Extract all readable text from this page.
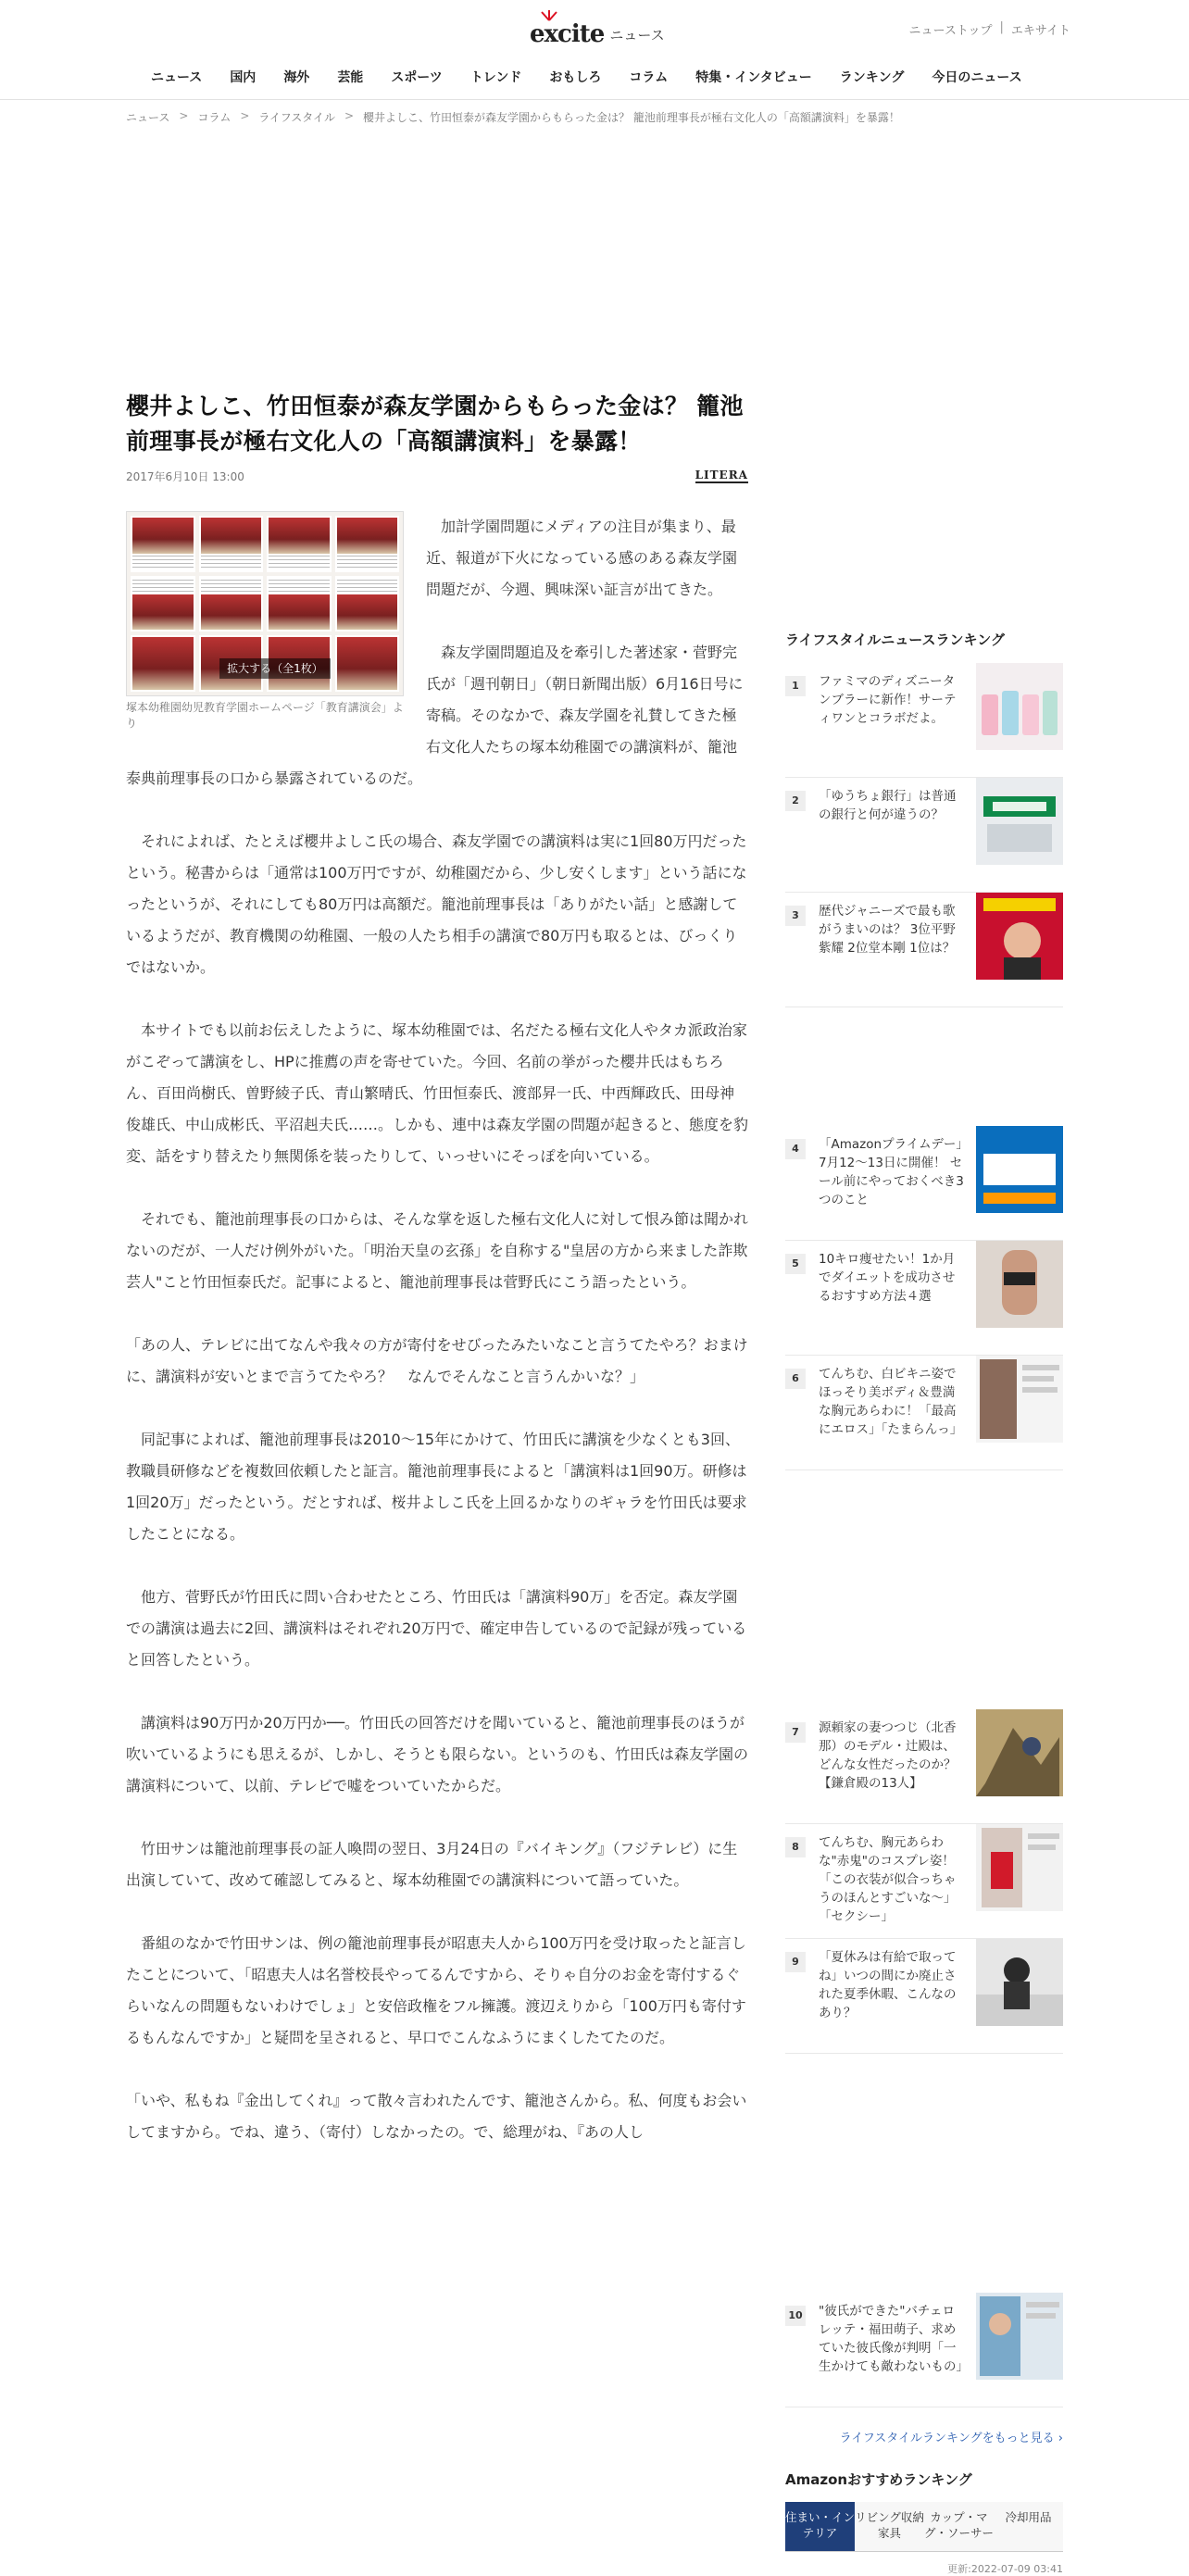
excite ニュース	ニューストップ | エキサイト
ニュース	国内	海外	芸能	スポーツ	トレンド	おもしろ	コラム	特集・インタビュー	ランキング	今日のニュース
ニュース > コラム > ライフスタイル > 櫻井よしこ、竹田恒泰が森友学園からもらった金は？ 籠池前理事長が極右文化人の「高額講演料」を暴露！
櫻井よしこ、竹田恒泰が森友学園からもらった金は？ 籠池前理事長が極右文化人の「高額講演料」を暴露！
2017年6月10日 13:00	LITERA
拡大する（全1枚）
塚本幼稚園幼児教育学園ホームページ「教育講演会」より

加計学園問題にメディアの注目が集まり、最近、報道が下火になっている感のある森友学園問題だが、今週、興味深い証言が出てきた。

森友学園問題追及を牽引した著述家・菅野完氏が「週刊朝日」（朝日新聞出版）6月16日号に寄稿。そのなかで、森友学園を礼賛してきた極右文化人たちの塚本幼稚園での講演料が、籠池泰典前理事長の口から暴露されているのだ。

それによれば、たとえば櫻井よしこ氏の場合、森友学園での講演料は実に1回80万円だったという。秘書からは「通常は100万円ですが、幼稚園だから、少し安くします」という話になったというが、それにしても80万円は高額だ。籠池前理事長は「ありがたい話」と感謝しているようだが、教育機関の幼稚園、一般の人たち相手の講演で80万円も取るとは、びっくりではないか。

本サイトでも以前お伝えしたように、塚本幼稚園では、名だたる極右文化人やタカ派政治家がこぞって講演をし、HPに推薦の声を寄せていた。今回、名前の挙がった櫻井氏はもちろん、百田尚樹氏、曽野綾子氏、青山繁晴氏、竹田恒泰氏、渡部昇一氏、中西輝政氏、田母神俊雄氏、中山成彬氏、平沼赳夫氏……。しかも、連中は森友学園の問題が起きると、態度を豹変、話をすり替えたり無関係を装ったりして、いっせいにそっぽを向いている。

それでも、籠池前理事長の口からは、そんな掌を返した極右文化人に対して恨み節は聞かれないのだが、一人だけ例外がいた。「明治天皇の玄孫」を自称する"皇居の方から来ました詐欺芸人"こと竹田恒泰氏だ。記事によると、籠池前理事長は菅野氏にこう語ったという。

「あの人、テレビに出てなんや我々の方が寄付をせびったみたいなこと言うてたやろ？おまけに、講演料が安いとまで言うてたやろ？　なんでそんなこと言うんかいな？」

同記事によれば、籠池前理事長は2010～15年にかけて、竹田氏に講演を少なくとも3回、教職員研修などを複数回依頼したと証言。籠池前理事長によると「講演料は1回90万。研修は1回20万」だったという。だとすれば、桜井よしこ氏を上回るかなりのギャラを竹田氏は要求したことになる。

他方、菅野氏が竹田氏に問い合わせたところ、竹田氏は「講演料90万」を否定。森友学園での講演は過去に2回、講演料はそれぞれ20万円で、確定申告しているので記録が残っていると回答したという。

講演料は90万円か20万円か──。竹田氏の回答だけを聞いていると、籠池前理事長のほうが吹いているようにも思えるが、しかし、そうとも限らない。というのも、竹田氏は森友学園の講演料について、以前、テレビで嘘をついていたからだ。

竹田サンは籠池前理事長の証人喚問の翌日、3月24日の『バイキング』（フジテレビ）に生出演していて、改めて確認してみると、塚本幼稚園での講演料について語っていた。

番組のなかで竹田サンは、例の籠池前理事長が昭恵夫人から100万円を受け取ったと証言したことについて、「昭恵夫人は名誉校長やってるんですから、そりゃ自分のお金を寄付するぐらいなんの問題もないわけでしょ」と安倍政権をフル擁護。渡辺えりから「100万円も寄付するもんなんですか」と疑問を呈されると、早口でこんなふうにまくしたてたのだ。

「いや、私もね『金出してくれ』って散々言われたんです、籠池さんから。私、何度もお会いしてますから。でね、違う、（寄付）しなかったの。で、総理がね、『あの人し

ライフスタイルニュースランキング
1	ファミマのディズニータンブラーに新作！サーティワンとコラボだよ。
2	「ゆうちょ銀行」は普通の銀行と何が違うの？
3	歴代ジャニーズで最も歌がうまいのは？ 3位平野紫耀 2位堂本剛 1位は？
4	「Amazonプライムデー」7月12～13日に開催！ セール前にやっておくべき3つのこと
5	10キロ痩せたい！1か月でダイエットを成功させるおすすめ方法４選
6	てんちむ、白ビキニ姿でほっそり美ボディ＆豊満な胸元あらわに！「最高にエロス」「たまらんっ」
7	源頼家の妻つつじ（北香那）のモデル・辻殿は、どんな女性だったのか？【鎌倉殿の13人】
8	てんちむ、胸元あらわな"赤鬼"のコスプレ姿！「この衣装が似合っちゃうのほんとすごいな〜」「セクシー」
9	「夏休みは有給で取ってね」いつの間にか廃止された夏季休暇、こんなのあり？
10 "彼氏ができた"バチェロレッテ・福田萌子、求めていた彼氏像が判明「一生かけても敵わないもの」
ライフスタイルランキングをもっと見る ›
Amazonおすすめランキング
住まい・インテリア
リビング収納家具
カップ・マグ・ソーサー
冷却用品
更新:2022-07-09 03:41
